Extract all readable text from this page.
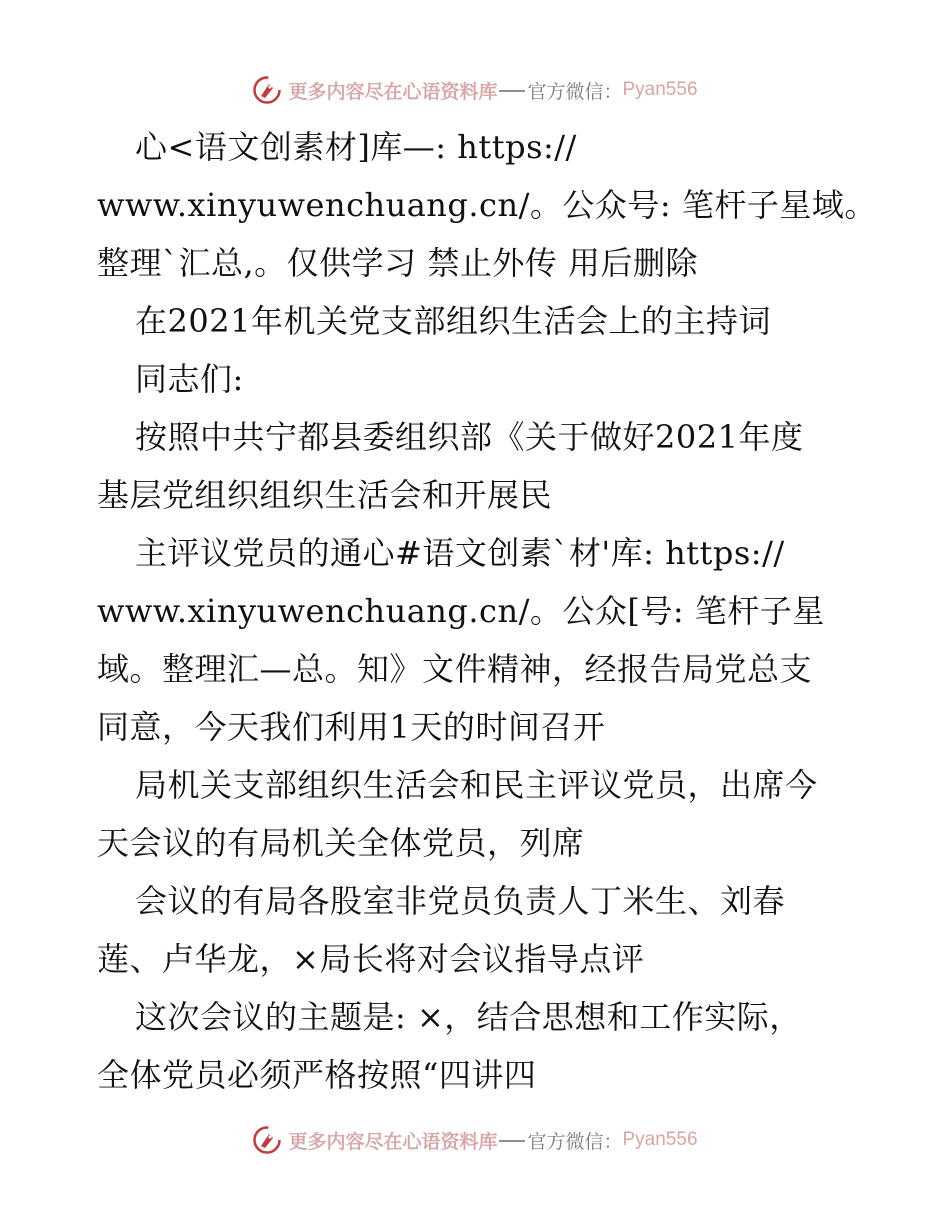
更多内容尽在心语资料库 官方微信： Pyan556
心<语文创素材]库—: https://
www.xinyuwenchuang.cn/。公众号: 笔杆子星域。
整理`汇总,。仅供学习 禁止外传 用后删除
在2021年机关党支部组织生活会上的主持词
同志们:
按照中共宁都县委组织部《关于做好2021年度
基层党组织组织生活会和开展民
主评议党员的通心#语文创素`材'库: https://
www.xinyuwenchuang.cn/。公众[号: 笔杆子星
域。整理汇—总。知》文件精神，经报告局党总支
同意，今天我们利用1天的时间召开
局机关支部组织生活会和民主评议党员，出席今
天会议的有局机关全体党员，列席
会议的有局各股室非党员负责人丁米生、刘春
莲、卢华龙，×局长将对会议指导点评
这次会议的主题是: ×，结合思想和工作实际，
全体党员必须严格按照“四讲四
更多内容尽在心语资料库 官方微信： Pyan556
